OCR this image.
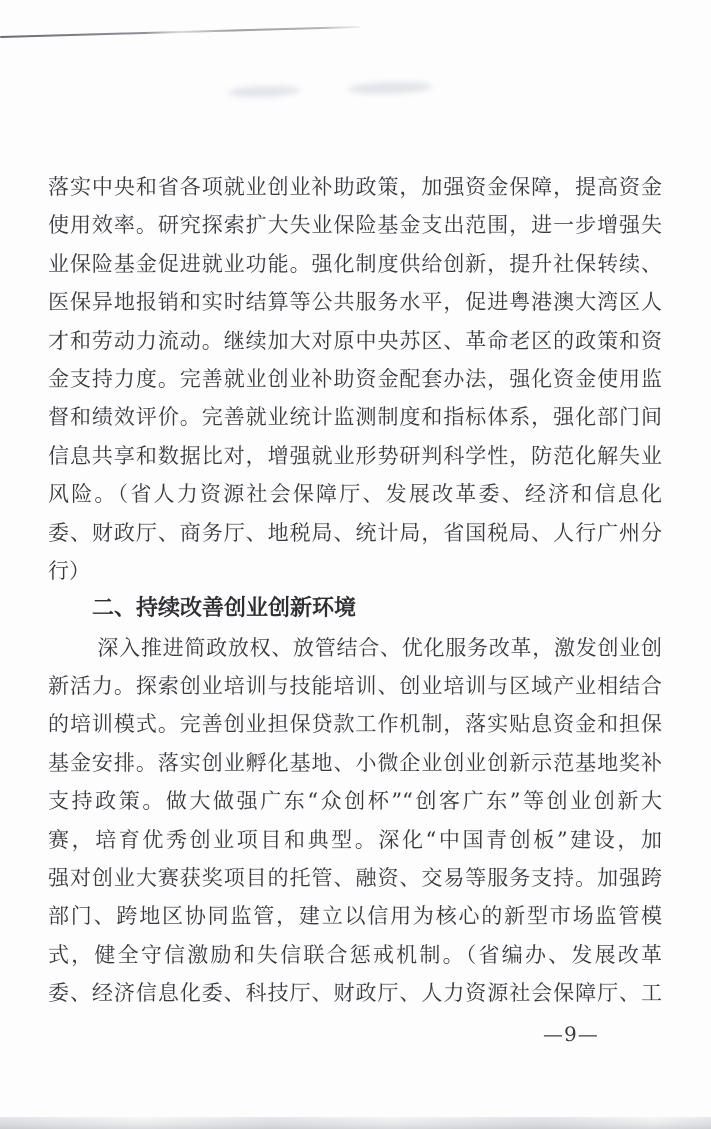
落实中央和省各项就业创业补助政策，加强资金保障，提高资金
使用效率。研究探索扩大失业保险基金支出范围，进一步增强失
业保险基金促进就业功能。强化制度供给创新，提升社保转续、
医保异地报销和实时结算等公共服务水平，促进粤港澳大湾区人
才和劳动力流动。继续加大对原中央苏区、革命老区的政策和资
金支持力度。完善就业创业补助资金配套办法，强化资金使用监
督和绩效评价。完善就业统计监测制度和指标体系，强化部门间
信息共享和数据比对，增强就业形势研判科学性，防范化解失业
风险。（省人力资源社会保障厅、发展改革委、经济和信息化
委、财政厅、商务厅、地税局、统计局，省国税局、人行广州分
行）
二、持续改善创业创新环境
深入推进简政放权、放管结合、优化服务改革，激发创业创
新活力。探索创业培训与技能培训、创业培训与区域产业相结合
的培训模式。完善创业担保贷款工作机制，落实贴息资金和担保
基金安排。落实创业孵化基地、小微企业创业创新示范基地奖补
支持政策。做大做强广东“众创杯”“创客广东”等创业创新大
赛，培育优秀创业项目和典型。深化“中国青创板”建设，加
强对创业大赛获奖项目的托管、融资、交易等服务支持。加强跨
部门、跨地区协同监管，建立以信用为核心的新型市场监管模
式，健全守信激励和失信联合惩戒机制。（省编办、发展改革
委、经济信息化委、科技厅、财政厅、人力资源社会保障厅、工
—9—
